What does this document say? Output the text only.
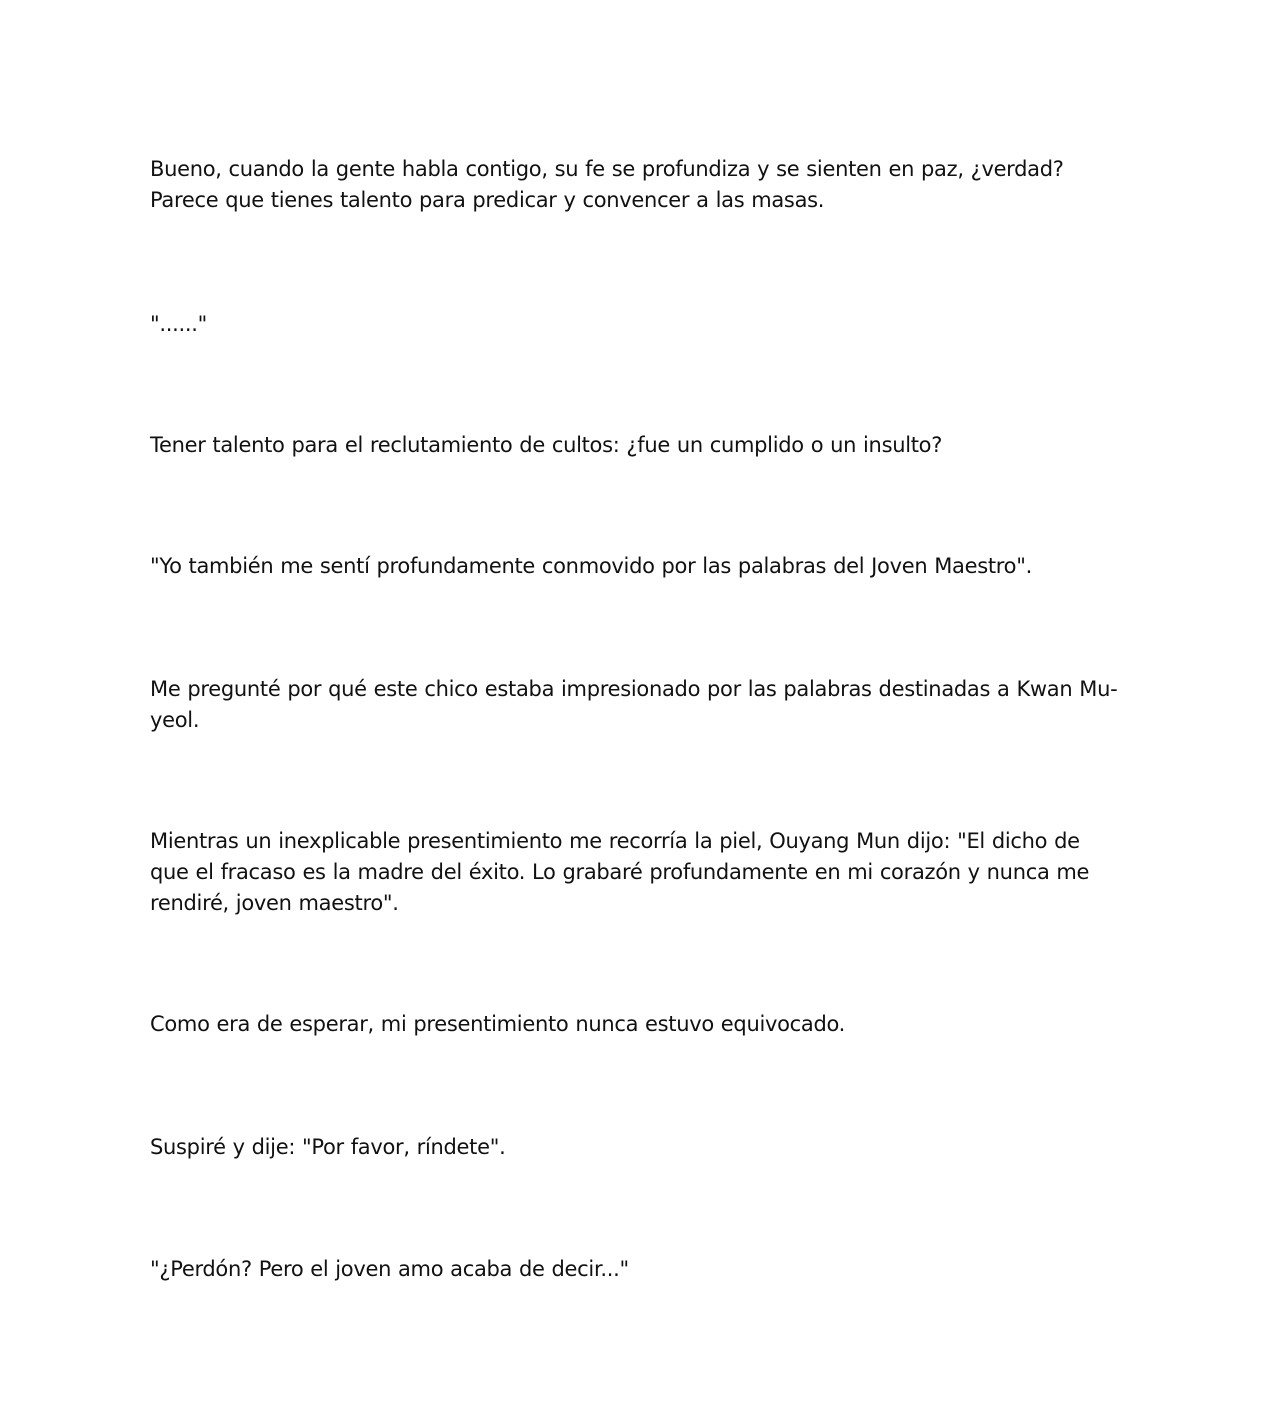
Bueno, cuando la gente habla contigo, su fe se profundiza y se sienten en paz, ¿verdad? Parece que tienes talento para predicar y convencer a las masas.

"......"

Tener talento para el reclutamiento de cultos: ¿fue un cumplido o un insulto?

"Yo también me sentí profundamente conmovido por las palabras del Joven Maestro".

Me pregunté por qué este chico estaba impresionado por las palabras destinadas a Kwan Mu-yeol.

Mientras un inexplicable presentimiento me recorría la piel, Ouyang Mun dijo: "El dicho de que el fracaso es la madre del éxito. Lo grabaré profundamente en mi corazón y nunca me rendiré, joven maestro".

Como era de esperar, mi presentimiento nunca estuvo equivocado.

Suspiré y dije: "Por favor, ríndete".

"¿Perdón? Pero el joven amo acaba de decir..."
